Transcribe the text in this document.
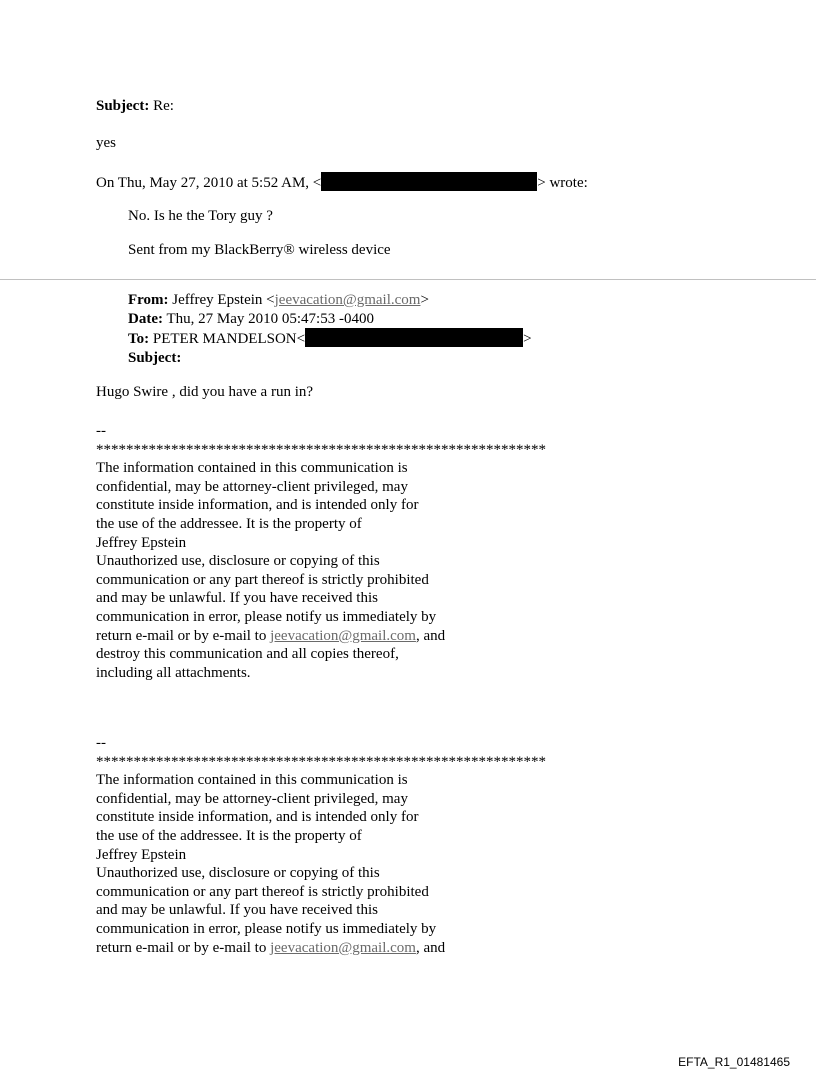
Subject: Re:
yes
On Thu, May 27, 2010 at 5:52 AM, <	> wrote:
No. Is he the Tory guy ?
Sent from my BlackBerry® wireless device
From: Jeffrey Epstein <jeevacation@gmail.com>
Date: Thu, 27 May 2010 05:47:53 -0400
To: PETER MANDELSON<	>
Subject:
Hugo Swire , did you have a run in?
--
************************************************************
The information contained in this communication is
confidential, may be attorney-client privileged, may
constitute inside information, and is intended only for
the use of the addressee. It is the property of
Jeffrey Epstein
Unauthorized use, disclosure or copying of this
communication or any part thereof is strictly prohibited
and may be unlawful. If you have received this
communication in error, please notify us immediately by
return e-mail or by e-mail to jeevacation@gmail.com, and
destroy this communication and all copies thereof,
including all attachments.
--
************************************************************
The information contained in this communication is
confidential, may be attorney-client privileged, may
constitute inside information, and is intended only for
the use of the addressee. It is the property of
Jeffrey Epstein
Unauthorized use, disclosure or copying of this
communication or any part thereof is strictly prohibited
and may be unlawful. If you have received this
communication in error, please notify us immediately by
return e-mail or by e-mail to jeevacation@gmail.com, and
EFTA_R1_01481465
